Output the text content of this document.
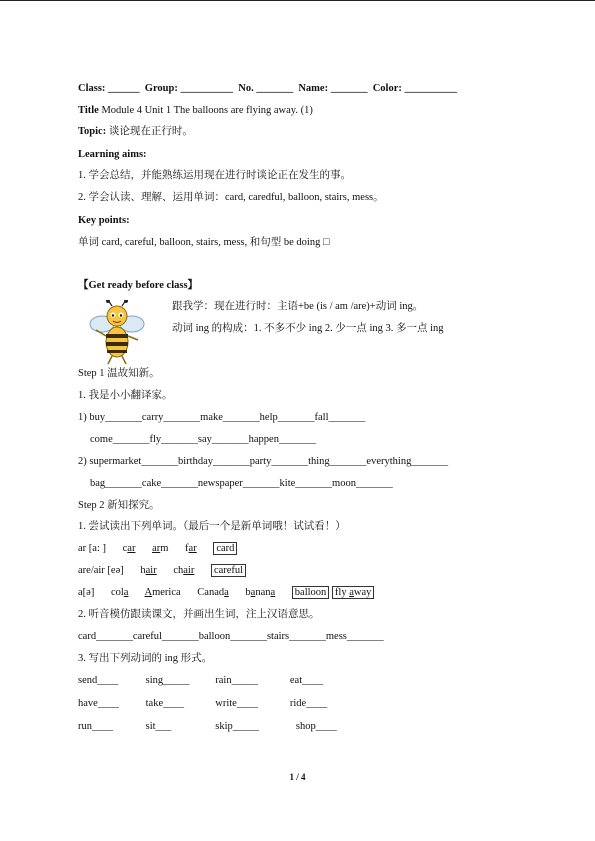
Class: ______ Group: __________ No. _______ Name: _______ Color: __________
Title Module 4 Unit 1 The balloons are flying away. (1)
Topic: 谈论现在正行时。
Learning aims:
1. 学会总结，并能熟练运用现在进行时谈论正在发生的事。
2. 学会认读、理解、运用单词：card, caredful, balloon, stairs, mess。
Key points:
单词 card, careful, balloon, stairs, mess, 和句型 be doing □
【Get ready before class】
跟我学：现在进行时：主语+be (is / am /are)+动词 ing。
动词 ing 的构成：1. 不多不少 ing 2. 少一点 ing 3. 多一点 ing
Step 1 温故知新。
1. 我是小小翻译家。
1) buy_______carry_______make_______help_______fall_______
come_______fly_______say_______happen_______
2) supermarket_______birthday_______party_______thing_______everything_______
bag_______cake_______newspaper_______kite_______moon_______
Step 2 新知探究。
1. 尝试读出下列单词。（最后一个是新单词哦！试试看！）
ar [a: ] car arm far card
are/air [eə] hair chair careful
a[ə] cola America Canada banana balloon fly away
2. 听音模仿跟读课文，并画出生词，注上汉语意思。
card_______careful_______balloon_______stairs_______mess_______
3. 写出下列动词的 ing 形式。
send____	sing_____ rain_____	eat____
have____	take____	write____	ride____
run____	sit___	skip_____	shop____
1 / 4
